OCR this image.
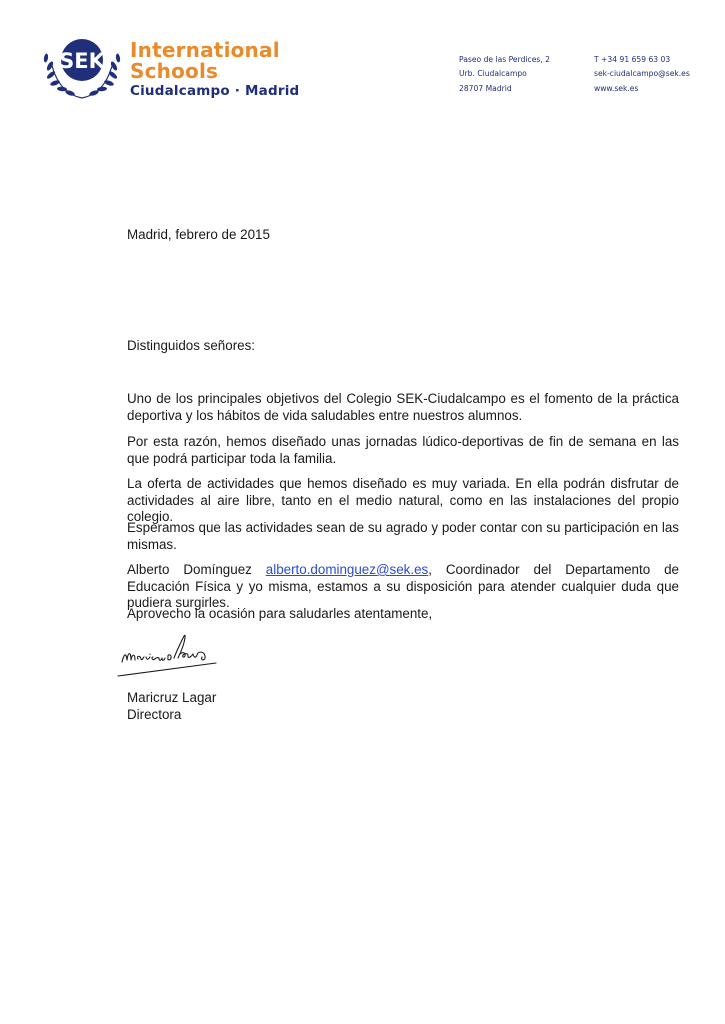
SEK International
Schools
Ciudalcampo · Madrid
Paseo de las Perdices, 2
Urb. Ciudalcampo
28707 Madrid
T +34 91 659 63 03
sek-ciudalcampo@sek.es
www.sek.es
Madrid, febrero de 2015
Distinguidos señores:

Uno de los principales objetivos del Colegio SEK-Ciudalcampo es el fomento de la práctica deportiva y los hábitos de vida saludables entre nuestros alumnos.

Por esta razón, hemos diseñado unas jornadas lúdico-deportivas de fin de semana en las que podrá participar toda la familia.

La oferta de actividades que hemos diseñado es muy variada. En ella podrán disfrutar de actividades al aire libre, tanto en el medio natural, como en las instalaciones del propio colegio.

Esperamos que las actividades sean de su agrado y poder contar con su participación en las mismas.

Alberto Domínguez alberto.dominguez@sek.es, Coordinador del Departamento de Educación Física y yo misma, estamos a su disposición para atender cualquier duda que pudiera surgirles.

Aprovecho la ocasión para saludarles atentamente,
Maricruz Lagar
Directora
